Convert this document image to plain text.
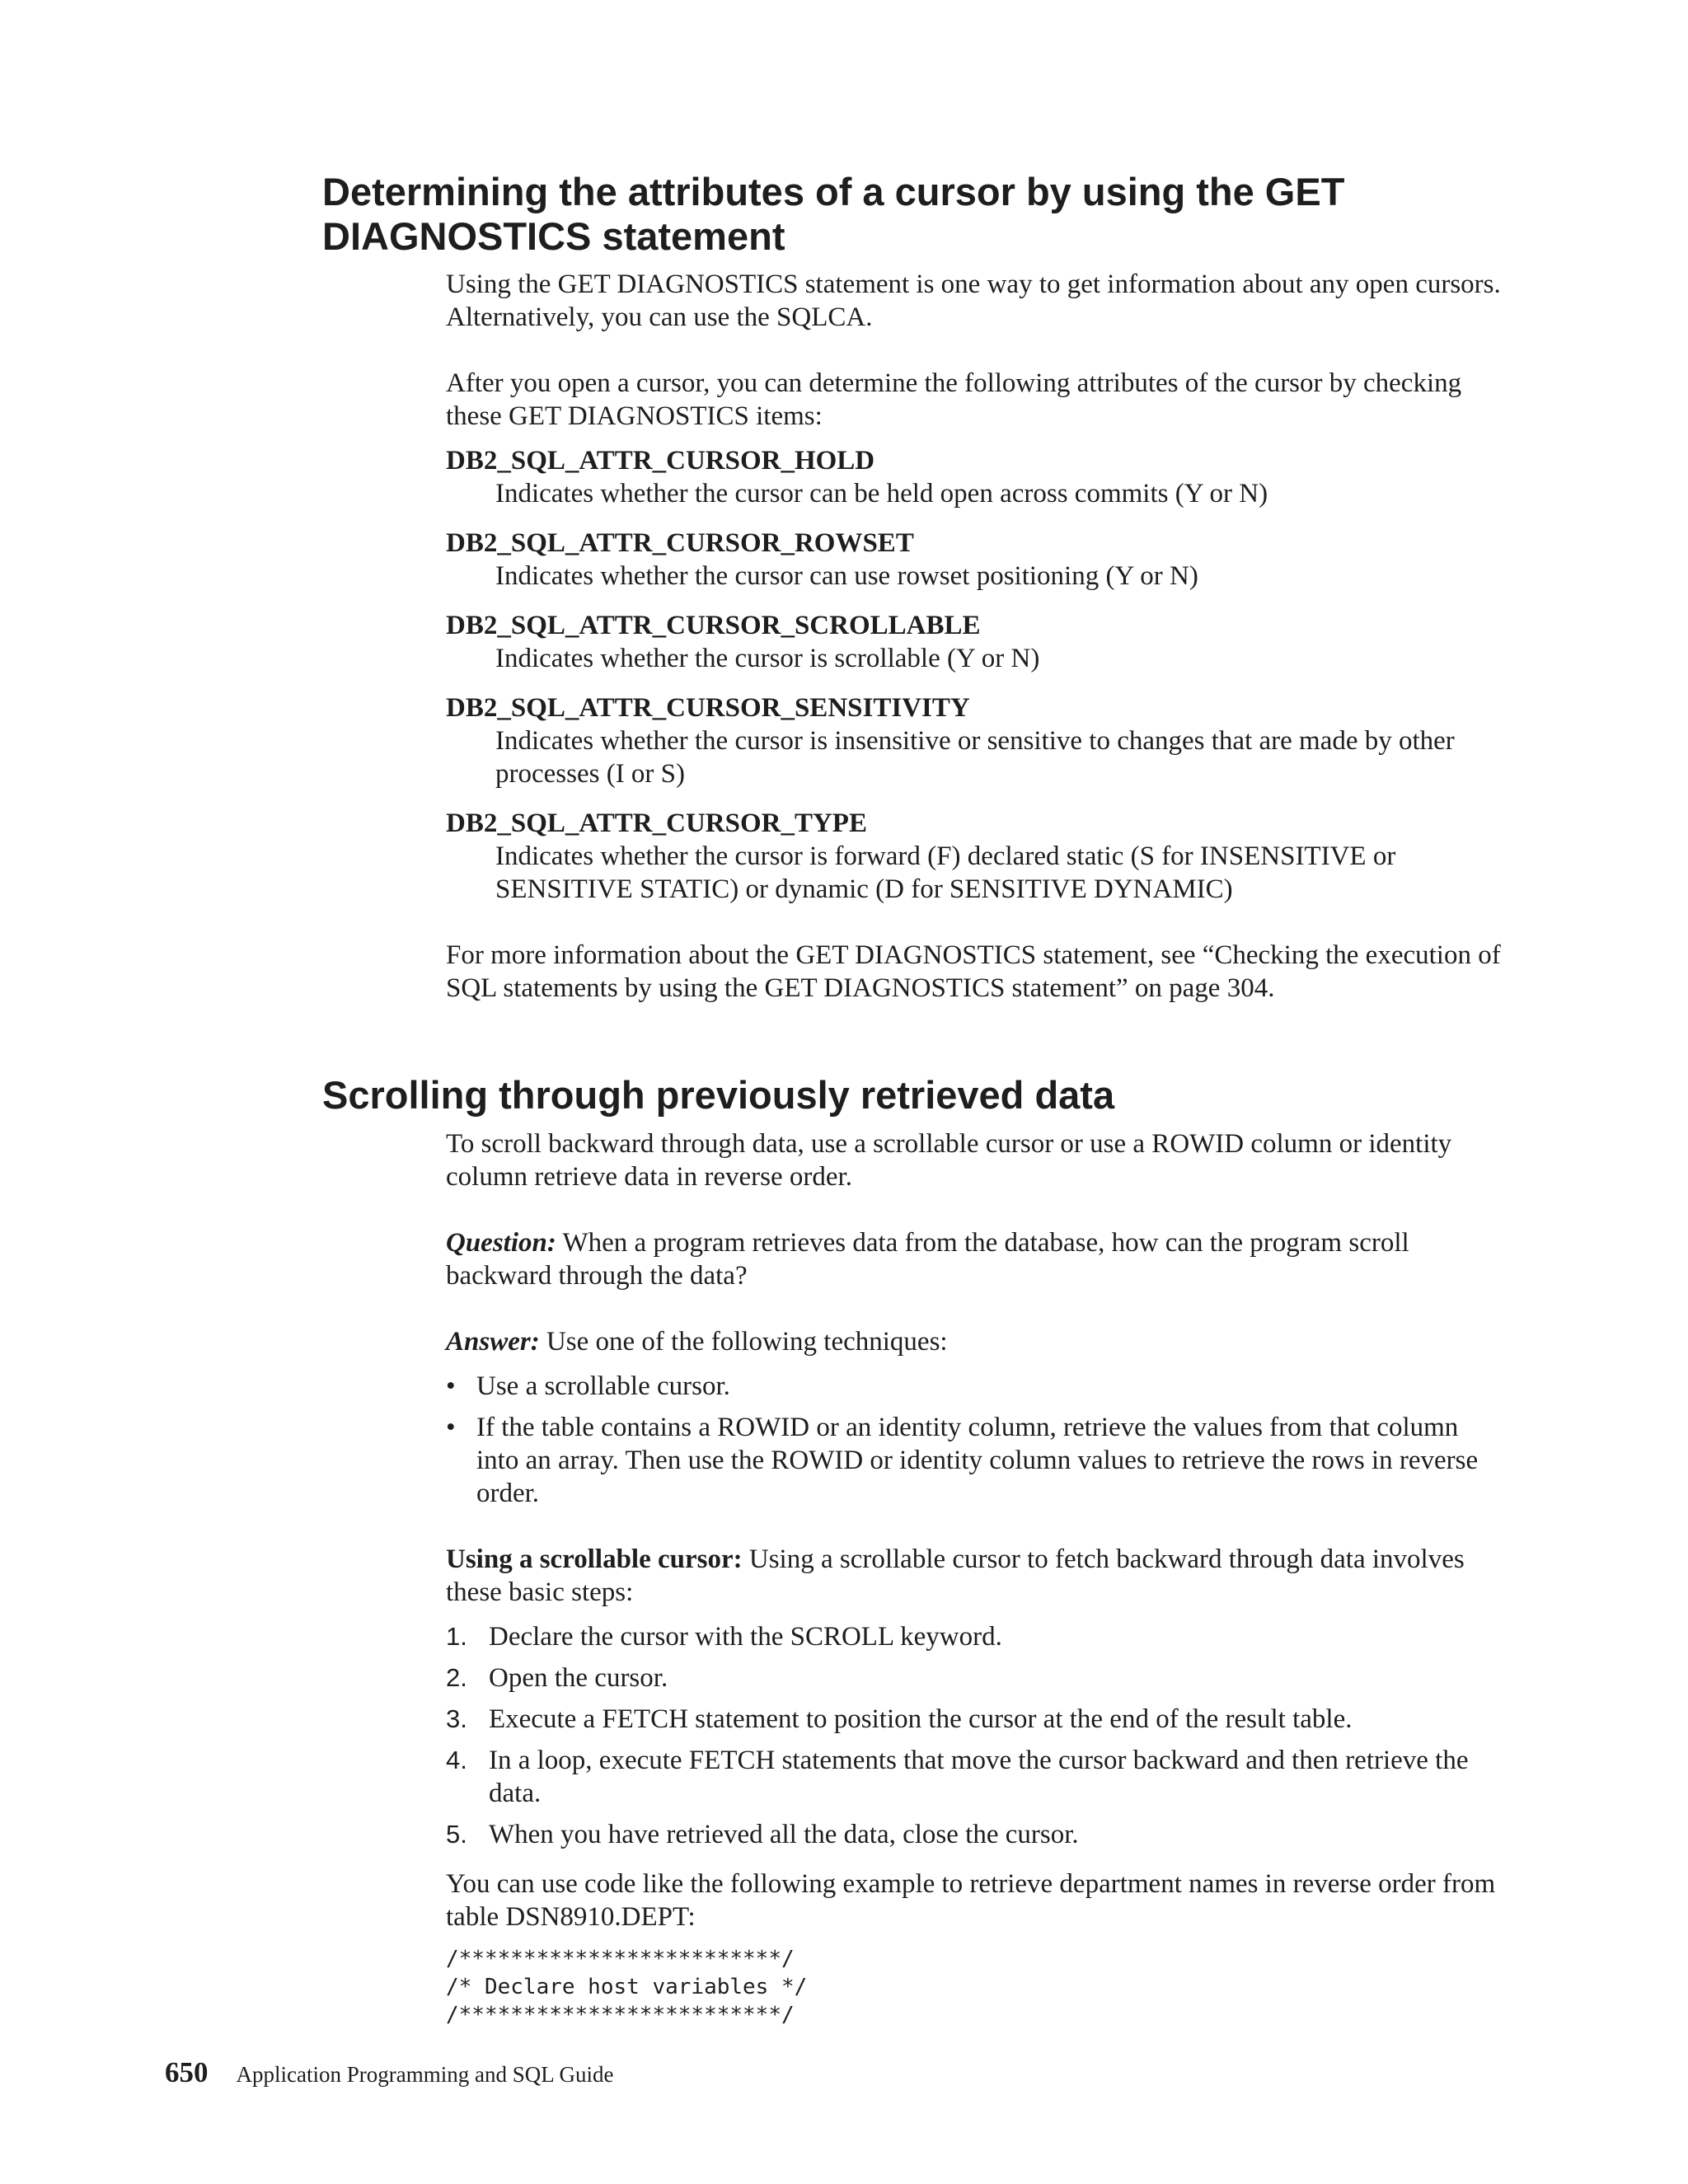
Determining the attributes of a cursor by using the GET DIAGNOSTICS statement

Using the GET DIAGNOSTICS statement is one way to get information about any open cursors. Alternatively, you can use the SQLCA.

After you open a cursor, you can determine the following attributes of the cursor by checking these GET DIAGNOSTICS items:

DB2_SQL_ATTR_CURSOR_HOLD
Indicates whether the cursor can be held open across commits (Y or N)
DB2_SQL_ATTR_CURSOR_ROWSET
Indicates whether the cursor can use rowset positioning (Y or N)
DB2_SQL_ATTR_CURSOR_SCROLLABLE
Indicates whether the cursor is scrollable (Y or N)
DB2_SQL_ATTR_CURSOR_SENSITIVITY
Indicates whether the cursor is insensitive or sensitive to changes that are made by other processes (I or S)
DB2_SQL_ATTR_CURSOR_TYPE
Indicates whether the cursor is forward (F) declared static (S for INSENSITIVE or SENSITIVE STATIC) or dynamic (D for SENSITIVE DYNAMIC)

For more information about the GET DIAGNOSTICS statement, see “Checking the execution of SQL statements by using the GET DIAGNOSTICS statement” on page 304.

Scrolling through previously retrieved data

To scroll backward through data, use a scrollable cursor or use a ROWID column or identity column retrieve data in reverse order.

Question: When a program retrieves data from the database, how can the program scroll backward through the data?

Answer: Use one of the following techniques:

• Use a scrollable cursor.
• If the table contains a ROWID or an identity column, retrieve the values from that column into an array. Then use the ROWID or identity column values to retrieve the rows in reverse order.

Using a scrollable cursor: Using a scrollable cursor to fetch backward through data involves these basic steps:

1. Declare the cursor with the SCROLL keyword.
2. Open the cursor.
3. Execute a FETCH statement to position the cursor at the end of the result table.
4. In a loop, execute FETCH statements that move the cursor backward and then retrieve the data.
5. When you have retrieved all the data, close the cursor.

You can use code like the following example to retrieve department names in reverse order from table DSN8910.DEPT:

/*************************/

/* Declare host variables */

/*************************/

650 Application Programming and SQL Guide
